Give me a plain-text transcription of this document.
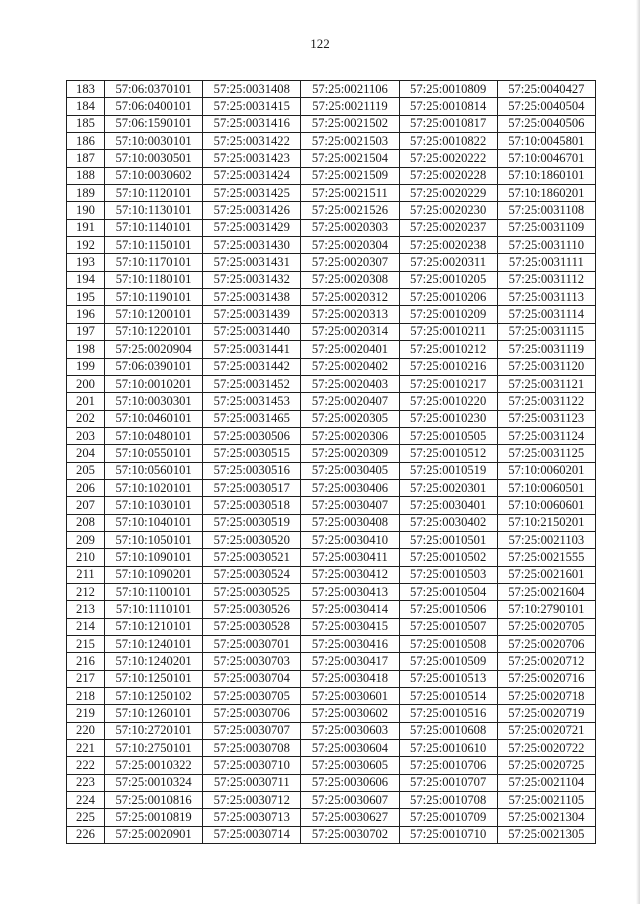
122
183	57:06:0370101	57:25:0031408	57:25:0021106	57:25:0010809	57:25:0040427
184	57:06:0400101	57:25:0031415	57:25:0021119	57:25:0010814	57:25:0040504
185	57:06:1590101	57:25:0031416	57:25:0021502	57:25:0010817	57:25:0040506
186	57:10:0030101	57:25:0031422	57:25:0021503	57:25:0010822	57:10:0045801
187	57:10:0030501	57:25:0031423	57:25:0021504	57:25:0020222	57:10:0046701
188	57:10:0030602	57:25:0031424	57:25:0021509	57:25:0020228	57:10:1860101
189	57:10:1120101	57:25:0031425	57:25:0021511	57:25:0020229	57:10:1860201
190	57:10:1130101	57:25:0031426	57:25:0021526	57:25:0020230	57:25:0031108
191	57:10:1140101	57:25:0031429	57:25:0020303	57:25:0020237	57:25:0031109
192	57:10:1150101	57:25:0031430	57:25:0020304	57:25:0020238	57:25:0031110
193	57:10:1170101	57:25:0031431	57:25:0020307	57:25:0020311	57:25:0031111
194	57:10:1180101	57:25:0031432	57:25:0020308	57:25:0010205	57:25:0031112
195	57:10:1190101	57:25:0031438	57:25:0020312	57:25:0010206	57:25:0031113
196	57:10:1200101	57:25:0031439	57:25:0020313	57:25:0010209	57:25:0031114
197	57:10:1220101	57:25:0031440	57:25:0020314	57:25:0010211	57:25:0031115
198	57:25:0020904	57:25:0031441	57:25:0020401	57:25:0010212	57:25:0031119
199	57:06:0390101	57:25:0031442	57:25:0020402	57:25:0010216	57:25:0031120
200	57:10:0010201	57:25:0031452	57:25:0020403	57:25:0010217	57:25:0031121
201	57:10:0030301	57:25:0031453	57:25:0020407	57:25:0010220	57:25:0031122
202	57:10:0460101	57:25:0031465	57:25:0020305	57:25:0010230	57:25:0031123
203	57:10:0480101	57:25:0030506	57:25:0020306	57:25:0010505	57:25:0031124
204	57:10:0550101	57:25:0030515	57:25:0020309	57:25:0010512	57:25:0031125
205	57:10:0560101	57:25:0030516	57:25:0030405	57:25:0010519	57:10:0060201
206	57:10:1020101	57:25:0030517	57:25:0030406	57:25:0020301	57:10:0060501
207	57:10:1030101	57:25:0030518	57:25:0030407	57:25:0030401	57:10:0060601
208	57:10:1040101	57:25:0030519	57:25:0030408	57:25:0030402	57:10:2150201
209	57:10:1050101	57:25:0030520	57:25:0030410	57:25:0010501	57:25:0021103
210	57:10:1090101	57:25:0030521	57:25:0030411	57:25:0010502	57:25:0021555
211	57:10:1090201	57:25:0030524	57:25:0030412	57:25:0010503	57:25:0021601
212	57:10:1100101	57:25:0030525	57:25:0030413	57:25:0010504	57:25:0021604
213	57:10:1110101	57:25:0030526	57:25:0030414	57:25:0010506	57:10:2790101
214	57:10:1210101	57:25:0030528	57:25:0030415	57:25:0010507	57:25:0020705
215	57:10:1240101	57:25:0030701	57:25:0030416	57:25:0010508	57:25:0020706
216	57:10:1240201	57:25:0030703	57:25:0030417	57:25:0010509	57:25:0020712
217	57:10:1250101	57:25:0030704	57:25:0030418	57:25:0010513	57:25:0020716
218	57:10:1250102	57:25:0030705	57:25:0030601	57:25:0010514	57:25:0020718
219	57:10:1260101	57:25:0030706	57:25:0030602	57:25:0010516	57:25:0020719
220	57:10:2720101	57:25:0030707	57:25:0030603	57:25:0010608	57:25:0020721
221	57:10:2750101	57:25:0030708	57:25:0030604	57:25:0010610	57:25:0020722
222	57:25:0010322	57:25:0030710	57:25:0030605	57:25:0010706	57:25:0020725
223	57:25:0010324	57:25:0030711	57:25:0030606	57:25:0010707	57:25:0021104
224	57:25:0010816	57:25:0030712	57:25:0030607	57:25:0010708	57:25:0021105
225	57:25:0010819	57:25:0030713	57:25:0030627	57:25:0010709	57:25:0021304
226	57:25:0020901	57:25:0030714	57:25:0030702	57:25:0010710	57:25:0021305
